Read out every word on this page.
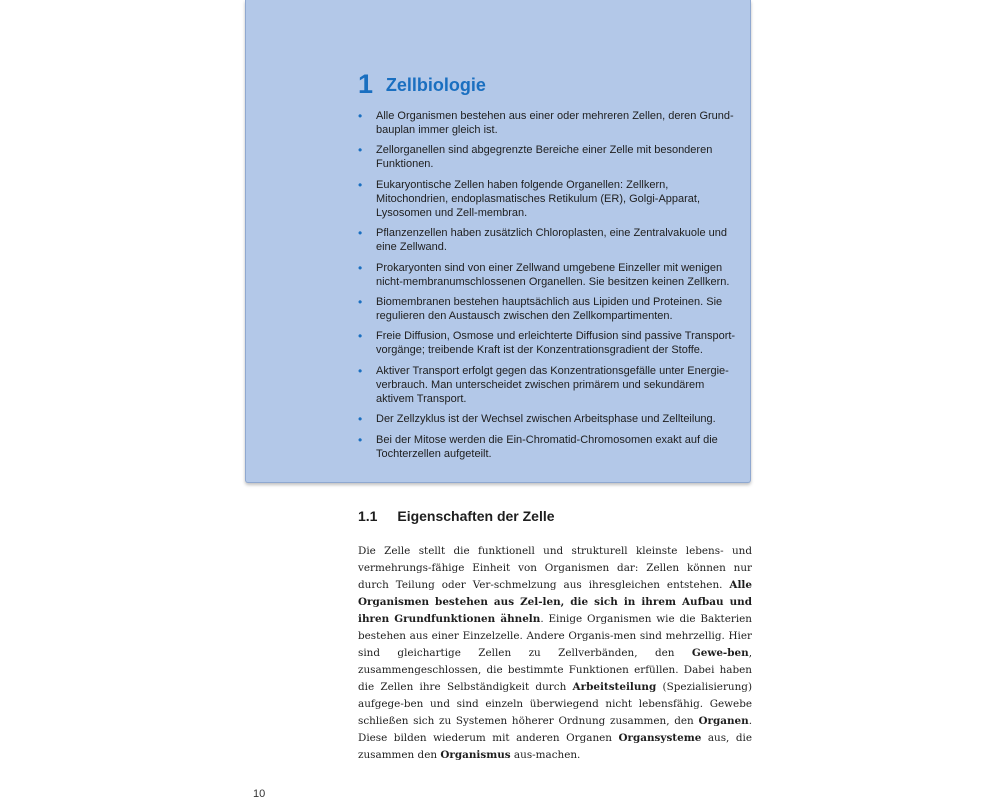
1 Zellbiologie
• Alle Organismen bestehen aus einer oder mehreren Zellen, deren Grund-bauplan immer gleich ist.
• Zellorganellen sind abgegrenzte Bereiche einer Zelle mit besonderen Funktionen.
• Eukaryontische Zellen haben folgende Organellen: Zellkern, Mitochondrien, endoplasmatisches Retikulum (ER), Golgi-Apparat, Lysosomen und Zell-membran.
• Pflanzenzellen haben zusätzlich Chloroplasten, eine Zentralvakuole und eine Zellwand.
• Prokaryonten sind von einer Zellwand umgebene Einzeller mit wenigen nicht-membranumschlossenen Organellen. Sie besitzen keinen Zellkern.
• Biomembranen bestehen hauptsächlich aus Lipiden und Proteinen. Sie regulieren den Austausch zwischen den Zellkompartimenten.
• Freie Diffusion, Osmose und erleichterte Diffusion sind passive Transport-vorgänge; treibende Kraft ist der Konzentrationsgradient der Stoffe.
• Aktiver Transport erfolgt gegen das Konzentrationsgefälle unter Energie-verbrauch. Man unterscheidet zwischen primärem und sekundärem aktivem Transport.
• Der Zellzyklus ist der Wechsel zwischen Arbeitsphase und Zellteilung.
• Bei der Mitose werden die Ein-Chromatid-Chromosomen exakt auf die Tochterzellen aufgeteilt.
1.1 Eigenschaften der Zelle

Die Zelle stellt die funktionell und strukturell kleinste lebens- und vermehrungs-fähige Einheit von Organismen dar: Zellen können nur durch Teilung oder Ver-schmelzung aus ihresgleichen entstehen. Alle Organismen bestehen aus Zel-len, die sich in ihrem Aufbau und ihren Grundfunktionen ähneln. Einige Organismen wie die Bakterien bestehen aus einer Einzelzelle. Andere Organis-men sind mehrzellig. Hier sind gleichartige Zellen zu Zellverbänden, den Gewe-ben, zusammengeschlossen, die bestimmte Funktionen erfüllen. Dabei haben die Zellen ihre Selbständigkeit durch Arbeitsteilung (Spezialisierung) aufgege-ben und sind einzeln überwiegend nicht lebensfähig. Gewebe schließen sich zu Systemen höherer Ordnung zusammen, den Organen. Diese bilden wiederum mit anderen Organen Organsysteme aus, die zusammen den Organismus aus-machen.

10
